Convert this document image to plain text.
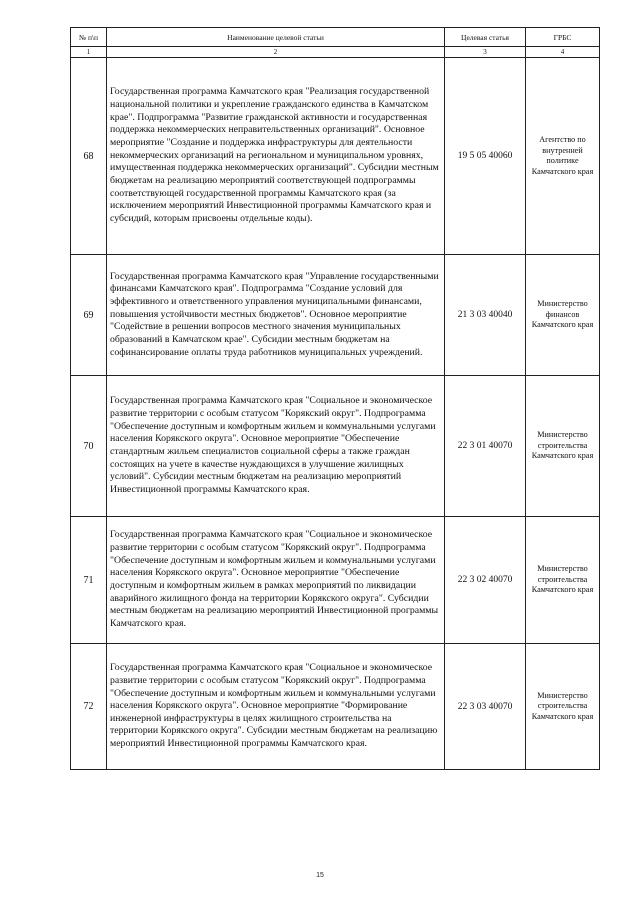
№ п\п	Наименование целевой статьи	Целевая статья	ГРБС
1	2	3	4
68	Государственная программа Камчатского края "Реализация государственной национальной политики и укрепление гражданского единства в Камчатском крае". Подпрограмма "Развитие гражданской активности и государственная поддержка некоммерческих неправительственных организаций". Основное мероприятие "Создание и поддержка инфраструктуры для деятельности некоммерческих организаций на региональном и муниципальном уровнях, имущественная поддержка некоммерческих организаций". Субсидии местным бюджетам на реализацию мероприятий соответствующей подпрограммы соответствующей государственной программы Камчатского края (за исключением мероприятий Инвестиционной программы Камчатского края и субсидий, которым присвоены отдельные коды).	19 5 05 40060	Агентство по внутренней политике Камчатского края
69	Государственная программа Камчатского края "Управление государственными финансами Камчатского края". Подпрограмма "Создание условий для эффективного и ответственного управления муниципальными финансами, повышения устойчивости местных бюджетов". Основное мероприятие "Содействие в решении вопросов местного значения муниципальных образований в Камчатском крае". Субсидии местным бюджетам на софинансирование оплаты труда работников муниципальных учреждений.	21 3 03 40040	Министерство финансов Камчатского края
70	Государственная программа Камчатского края "Социальное и экономическое развитие территории с особым статусом "Корякский округ". Подпрограмма "Обеспечение доступным и комфортным жильем и коммунальными услугами населения Корякского округа". Основное мероприятие "Обеспечение стандартным жильем специалистов социальной сферы а также граждан состоящих на учете в качестве нуждающихся в улучшение жилищных условий". Субсидии местным бюджетам на реализацию мероприятий Инвестиционной программы Камчатского края.	22 3 01 40070	Министерство строительства Камчатского края
71	Государственная программа Камчатского края "Социальное и экономическое развитие территории с особым статусом "Корякский округ". Подпрограмма "Обеспечение доступным и комфортным жильем и коммунальными услугами населения Корякского округа". Основное мероприятие "Обеспечение доступным и комфортным жильем в рамках мероприятий по ликвидации аварийного жилищного фонда на территории Корякского округа". Субсидии местным бюджетам на реализацию мероприятий Инвестиционной программы Камчатского края.	22 3 02 40070	Министерство строительства Камчатского края
72	Государственная программа Камчатского края "Социальное и экономическое развитие территории с особым статусом "Корякский округ". Подпрограмма "Обеспечение доступным и комфортным жильем и коммунальными услугами населения Корякского округа". Основное мероприятие "Формирование инженерной инфраструктуры в целях жилищного строительства на территории Корякского округа". Субсидии местным бюджетам на реализацию мероприятий Инвестиционной программы Камчатского края.	22 3 03 40070	Министерство строительства Камчатского края
15
